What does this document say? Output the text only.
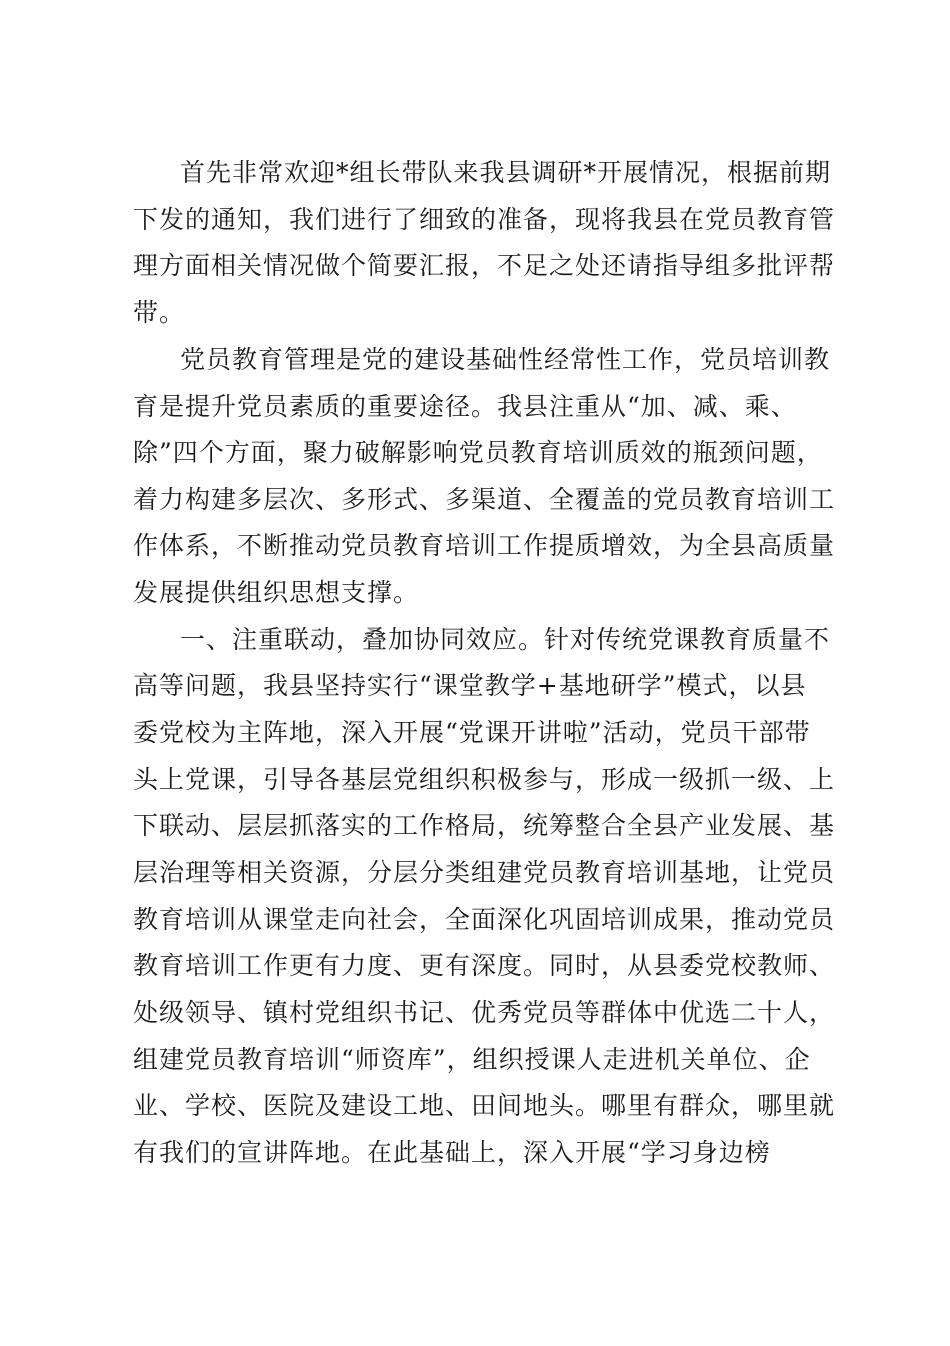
首先非常欢迎*组长带队来我县调研*开展情况，根据前期
下发的通知，我们进行了细致的准备，现将我县在党员教育管
理方面相关情况做个简要汇报，不足之处还请指导组多批评帮
带。
党员教育管理是党的建设基础性经常性工作，党员培训教
育是提升党员素质的重要途径。我县注重从“加、减、乘、
除”四个方面，聚力破解影响党员教育培训质效的瓶颈问题，
着力构建多层次、多形式、多渠道、全覆盖的党员教育培训工
作体系，不断推动党员教育培训工作提质增效，为全县高质量
发展提供组织思想支撑。
一、注重联动，叠加协同效应。针对传统党课教育质量不
高等问题，我县坚持实行“课堂教学+基地研学”模式，以县
委党校为主阵地，深入开展“党课开讲啦”活动，党员干部带
头上党课，引导各基层党组织积极参与，形成一级抓一级、上
下联动、层层抓落实的工作格局，统筹整合全县产业发展、基
层治理等相关资源，分层分类组建党员教育培训基地，让党员
教育培训从课堂走向社会，全面深化巩固培训成果，推动党员
教育培训工作更有力度、更有深度。同时，从县委党校教师、
处级领导、镇村党组织书记、优秀党员等群体中优选二十人，
组建党员教育培训“师资库”，组织授课人走进机关单位、企
业、学校、医院及建设工地、田间地头。哪里有群众，哪里就
有我们的宣讲阵地。在此基础上，深入开展“学习身边榜
